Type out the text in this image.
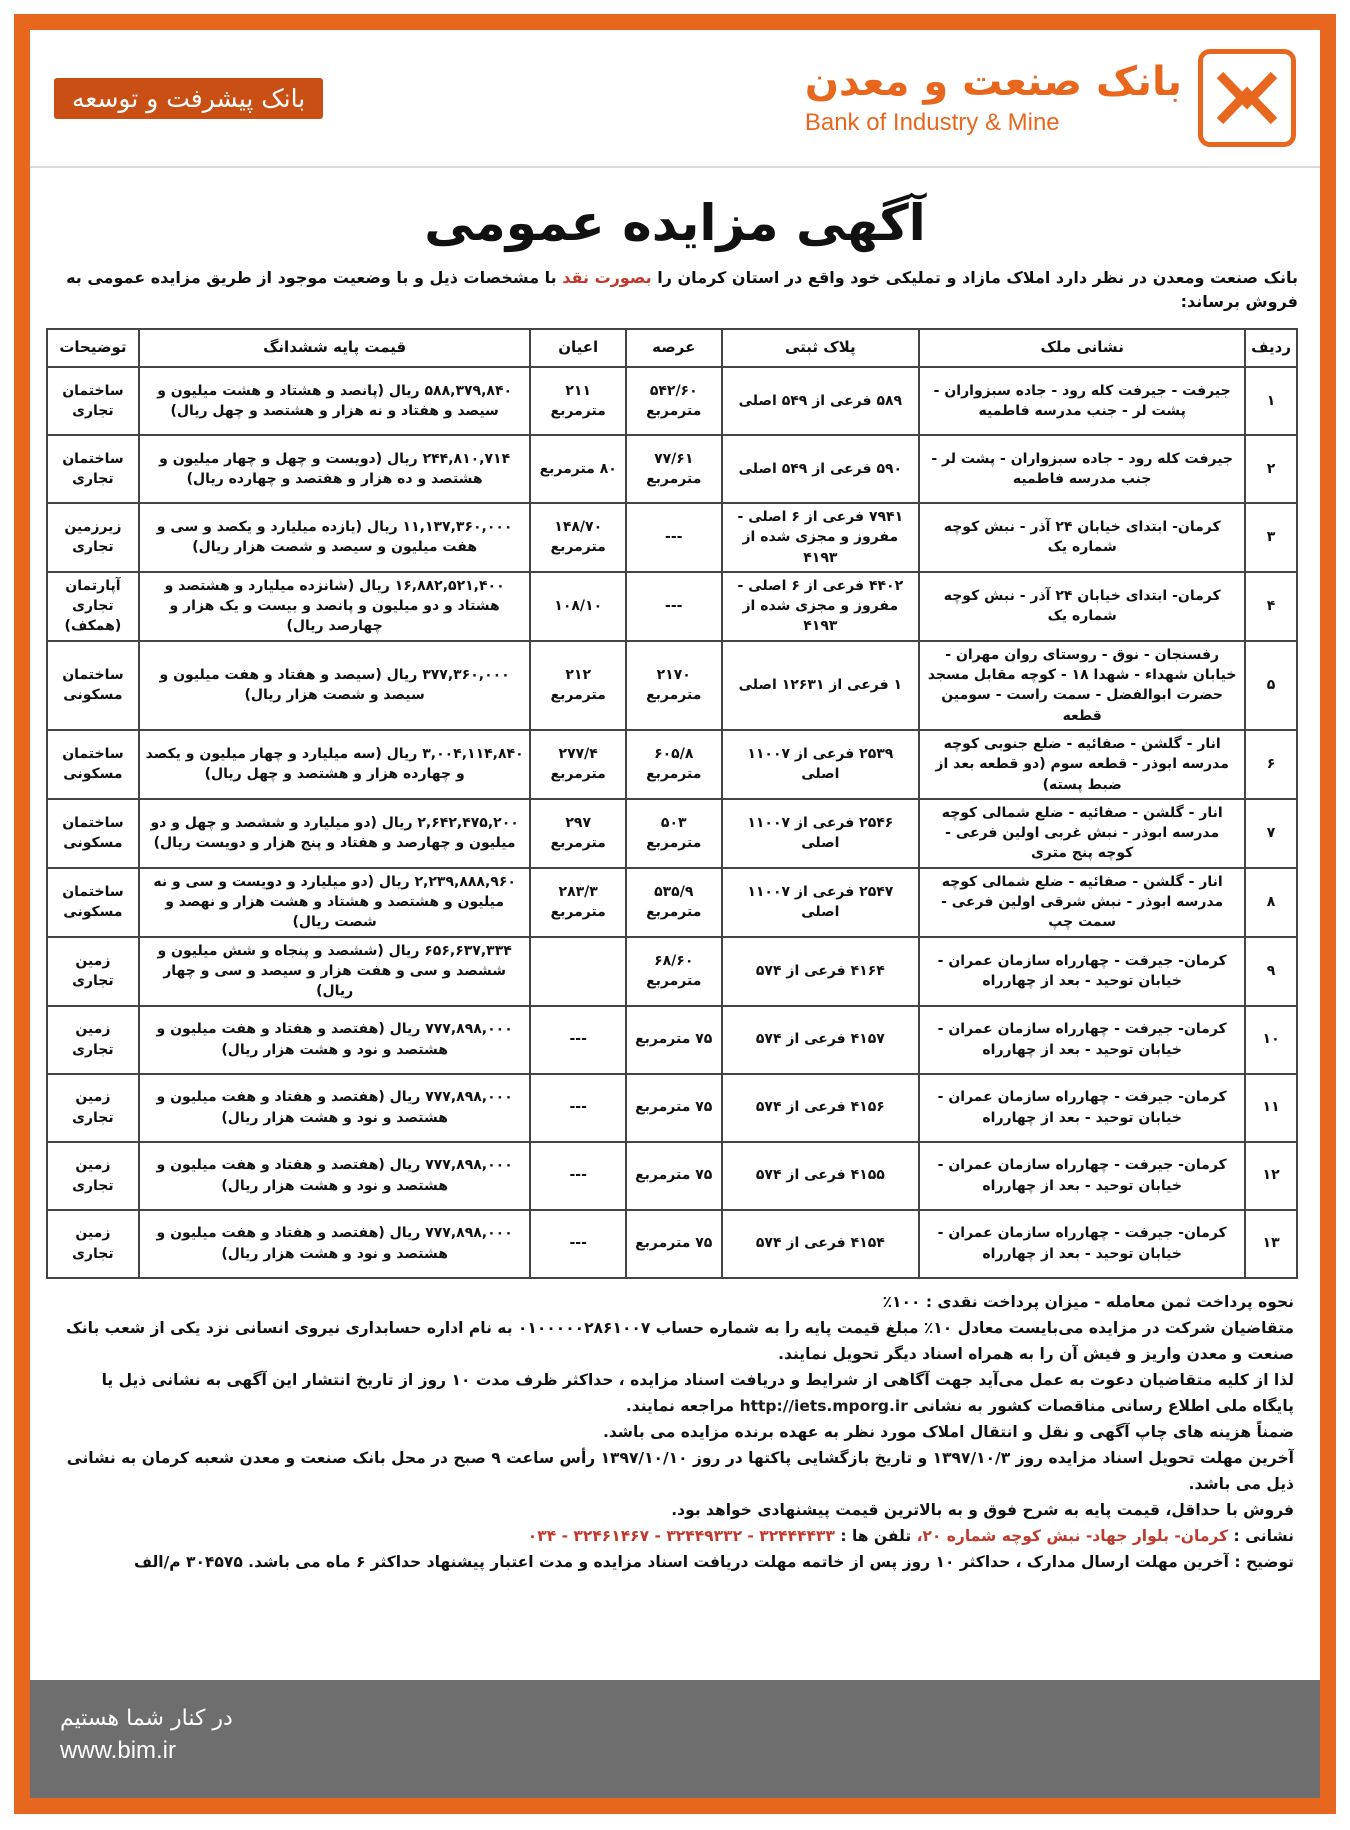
بانک صنعت و معدن
Bank of Industry & Mine
بانک پیشرفت و توسعه
آگهی مزایده عمومی
بانک صنعت ومعدن در نظر دارد املاک مازاد و تملیکی خود واقع در استان کرمان را بصورت نقد با مشخصات ذیل و با وضعیت موجود از طریق مزایده عمومی به فروش برساند:
ردیف	نشانی ملک	پلاک ثبتی	عرصه	اعیان	قیمت پایه ششدانگ	توضیحات
۱	جیرفت - جیرفت کله رود - جاده سبزواران - پشت لر - جنب مدرسه فاطمیه	۵۸۹ فرعی از ۵۴۹ اصلی	۵۴۲/۶۰ مترمربع	۲۱۱ مترمربع	۵۸۸,۳۷۹,۸۴۰ ریال (پانصد و هشتاد و هشت میلیون و سیصد و هفتاد و نه هزار و هشتصد و چهل ریال)	ساختمان تجاری
۲	جیرفت کله رود - جاده سبزواران - پشت لر - جنب مدرسه فاطمیه	۵۹۰ فرعی از ۵۴۹ اصلی	۷۷/۶۱ مترمربع	۸۰ مترمربع	۲۴۴,۸۱۰,۷۱۴ ریال (دویست و چهل و چهار میلیون و هشتصد و ده هزار و هفتصد و چهارده ریال)	ساختمان تجاری
۳	کرمان- ابتدای خیابان ۲۴ آذر - نبش کوچه شماره یک	۷۹۴۱ فرعی از ۶ اصلی - مفروز و مجزی شده از ۴۱۹۳	---	۱۴۸/۷۰ مترمربع	۱۱,۱۳۷,۳۶۰,۰۰۰ ریال (یازده میلیارد و یکصد و سی و هفت میلیون و سیصد و شصت هزار ریال)	زیرزمین تجاری
۴	کرمان- ابتدای خیابان ۲۴ آذر - نبش کوچه شماره یک	۴۴۰۲ فرعی از ۶ اصلی - مفروز و مجزی شده از ۴۱۹۳	---	۱۰۸/۱۰	۱۶,۸۸۲,۵۲۱,۴۰۰ ریال (شانزده میلیارد و هشتصد و هشتاد و دو میلیون و پانصد و بیست و یک هزار و چهارصد ریال)	آپارتمان تجاری (همکف)
۵	رفسنجان - نوق - روستای روان مهران - خیابان شهداء - شهدا ۱۸ - کوچه مقابل مسجد حضرت ابوالفضل - سمت راست - سومین قطعه	۱ فرعی از ۱۲۶۳۱ اصلی	۲۱۷۰ مترمربع	۲۱۲ مترمربع	۳۷۷,۳۶۰,۰۰۰ ریال (سیصد و هفتاد و هفت میلیون و سیصد و شصت هزار ریال)	ساختمان مسکونی
۶	انار - گلشن - صفائیه - ضلع جنوبی کوچه مدرسه ابوذر - قطعه سوم (دو قطعه بعد از ضبط پسته)	۲۵۳۹ فرعی از ۱۱۰۰۷ اصلی	۶۰۵/۸ مترمربع	۲۷۷/۴ مترمربع	۳,۰۰۴,۱۱۴,۸۴۰ ریال (سه میلیارد و چهار میلیون و یکصد و چهارده هزار و هشتصد و چهل ریال)	ساختمان مسکونی
۷	انار - گلشن - صفائیه - ضلع شمالی کوچه مدرسه ابوذر - نبش غربی اولین فرعی - کوچه پنج متری	۲۵۴۶ فرعی از ۱۱۰۰۷ اصلی	۵۰۳ مترمربع	۲۹۷ مترمربع	۲,۶۴۲,۴۷۵,۲۰۰ ریال (دو میلیارد و ششصد و چهل و دو میلیون و چهارصد و هفتاد و پنج هزار و دویست ریال)	ساختمان مسکونی
۸	انار - گلشن - صفائیه - ضلع شمالی کوچه مدرسه ابوذر - نبش شرقی اولین فرعی - سمت چپ	۲۵۴۷ فرعی از ۱۱۰۰۷ اصلی	۵۳۵/۹ مترمربع	۲۸۳/۳ مترمربع	۲,۲۳۹,۸۸۸,۹۶۰ ریال (دو میلیارد و دویست و سی و نه میلیون و هشتصد و هشتاد و هشت هزار و نهصد و شصت ریال)	ساختمان مسکونی
۹	کرمان- جیرفت - چهارراه سازمان عمران - خیابان توحید - بعد از چهارراه	۴۱۶۴ فرعی از ۵۷۴	۶۸/۶۰ مترمربع		۶۵۶,۶۳۷,۳۳۴ ریال (ششصد و پنجاه و شش میلیون و ششصد و سی و هفت هزار و سیصد و سی و چهار ریال)	زمین تجاری
۱۰	کرمان- جیرفت - چهارراه سازمان عمران - خیابان توحید - بعد از چهارراه	۴۱۵۷ فرعی از ۵۷۴	۷۵ مترمربع	---	۷۷۷,۸۹۸,۰۰۰ ریال (هفتصد و هفتاد و هفت میلیون و هشتصد و نود و هشت هزار ریال)	زمین تجاری
۱۱	کرمان- جیرفت - چهارراه سازمان عمران - خیابان توحید - بعد از چهارراه	۴۱۵۶ فرعی از ۵۷۴	۷۵ مترمربع	---	۷۷۷,۸۹۸,۰۰۰ ریال (هفتصد و هفتاد و هفت میلیون و هشتصد و نود و هشت هزار ریال)	زمین تجاری
۱۲	کرمان- جیرفت - چهارراه سازمان عمران - خیابان توحید - بعد از چهارراه	۴۱۵۵ فرعی از ۵۷۴	۷۵ مترمربع	---	۷۷۷,۸۹۸,۰۰۰ ریال (هفتصد و هفتاد و هفت میلیون و هشتصد و نود و هشت هزار ریال)	زمین تجاری
۱۳	کرمان- جیرفت - چهارراه سازمان عمران - خیابان توحید - بعد از چهارراه	۴۱۵۴ فرعی از ۵۷۴	۷۵ مترمربع	---	۷۷۷,۸۹۸,۰۰۰ ریال (هفتصد و هفتاد و هفت میلیون و هشتصد و نود و هشت هزار ریال)	زمین تجاری
نحوه پرداخت ثمن معامله - میزان پرداخت نقدی : ۱۰۰٪
متقاضیان شرکت در مزایده می‌بایست معادل ۱۰٪ مبلغ قیمت پایه را به شماره حساب ۰۱۰۰۰۰۰۲۸۶۱۰۰۷ به نام اداره حسابداری نیروی انسانی نزد یکی از شعب بانک صنعت و معدن واریز و فیش آن را به همراه اسناد دیگر تحویل نمایند.
لذا از کلیه متقاضیان دعوت به عمل می‌آید جهت آگاهی از شرایط و دریافت اسناد مزایده ، حداکثر ظرف مدت ۱۰ روز از تاریخ انتشار این آگهی به نشانی ذیل یا پایگاه ملی اطلاع رسانی مناقصات کشور به نشانی http://iets.mporg.ir مراجعه نمایند.
ضمناً هزینه های چاپ آگهی و نقل و انتقال املاک مورد نظر به عهده برنده مزایده می باشد.
آخرین مهلت تحویل اسناد مزایده روز ۱۳۹۷/۱۰/۳ و تاریخ بازگشایی پاکتها در روز ۱۳۹۷/۱۰/۱۰ رأس ساعت ۹ صبح در محل بانک صنعت و معدن شعبه کرمان به نشانی ذیل می باشد.
فروش با حداقل، قیمت پایه به شرح فوق و به بالاترین قیمت پیشنهادی خواهد بود.
نشانی : کرمان- بلوار جهاد- نبش کوچه شماره ۲۰، تلفن ها : ۳۲۴۴۴۴۳۳ - ۳۲۴۴۹۳۳۲ - ۳۲۴۶۱۴۶۷ - ۰۳۴
توضیح : آخرین مهلت ارسال مدارک ، حداکثر ۱۰ روز پس از خاتمه مهلت دریافت اسناد مزایده و مدت اعتبار پیشنهاد حداکثر ۶ ماه می باشد. ۳۰۴۵۷۵ م/الف
در کنار شما هستیم
www.bim.ir
